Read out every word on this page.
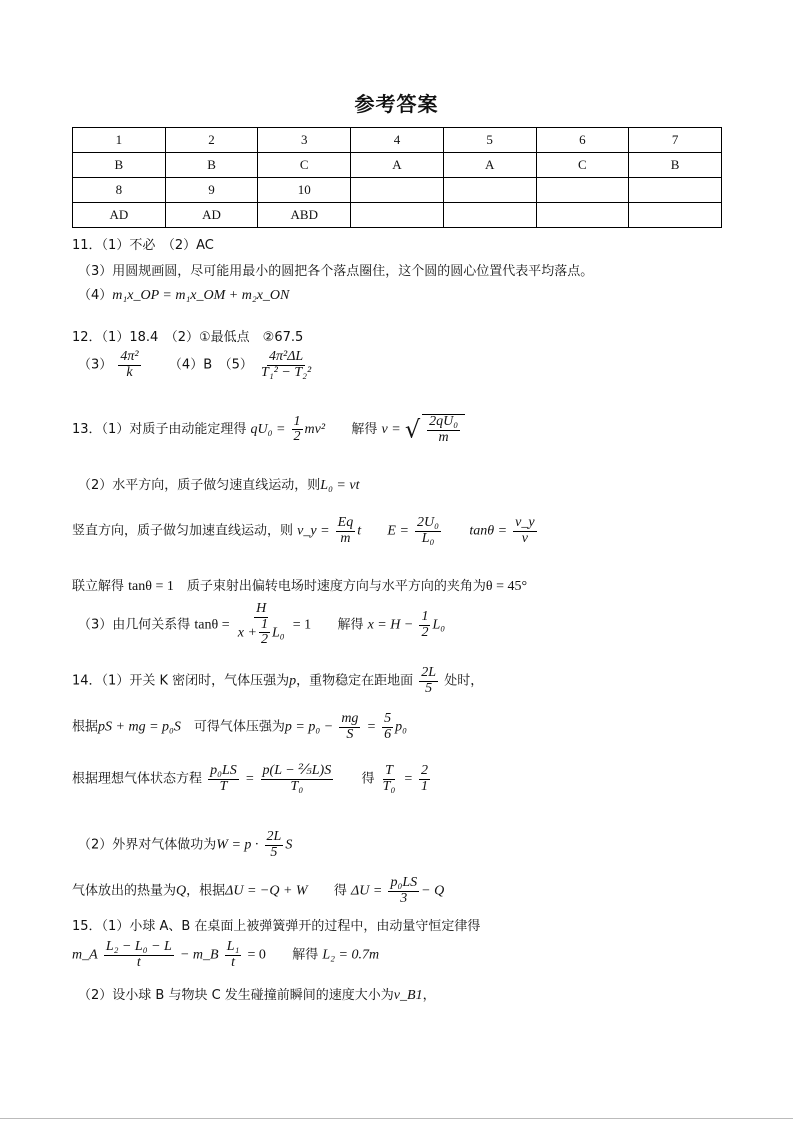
参考答案
1	2	3	4	5	6	7
B	B	C	A	A	C	B
8	9	10				
AD	AD	ABD				
11．（1）不必　（2）AC
（3）用圆规画圆，尽可能用最小的圆把各个落点圈住，这个圆的圆心位置代表平均落点。
（4）m₁x_OP = m₁x_OM + m₂x_ON
12．（1）18.4　（2）①最低点　②67.5
$(3) \frac{\text{4π²}}{k} (4)B$　$(5) \frac{\text{4π²ΔL}}{\text{T₁² − T₂²}}$
13．（1）对质子由动能定理得 $qU_0 = \frac{1}{2} mv^2$ 解得 v = √ $\frac{\text{2qU₀}}{m}$
（2）水平方向，质子做匀速直线运动，则L₀ = vt
竖直方向，质子做匀加速直线运动，则 v_y = $\frac{Eq}{m}$ t $E = \frac{\text{2U₀}}{\text{L₀}}$ $\tan\theta = \frac{v\_y}{v}$
联立解得 tanθ = 1　质子束射出偏转电场时速度方向与水平方向的夹角为θ = 45°
（3）由几何关系得 $\tan\theta = \frac{H}{x + \frac{1}{2} L_0} = 1$ 解得 $x = H - \frac{1}{2} L_0$
14．（1）开关 K 密闭时，气体压强为p，重物稳定在距地面 $\frac{2L}{5}$ 处时，
根据pS + mg = p₀S　可得气体压强为$p = p_0 - \frac{mg}{S} = \frac{5}{6} p_0$
根据理想气体状态方程 $\frac{\text{p₀LS}}{T} = \frac{\text{p(L − ⅖L)S}}{\text{T₀}}$ 得 $\frac{T}{\text{T₀}} = \frac{2}{1}$
（2）外界对气体做功为$W = p \cdot \frac{2L}{5}$ S
气体放出的热量为Q，根据ΔU = −Q + W 得 $\Delta U = \frac{\text{p₀LS}}{3} - Q$
15．（1）小球 A、B 在桌面上被弹簧弹开的过程中，由动量守恒定律得
m_A $\frac{\text{L₂ − L₀ − L}}{t}$ − m_B $\frac{\text{L₁}}{t} = 0$ 解得 L₂ = 0.7m
（2）设小球 B 与物块 C 发生碰撞前瞬间的速度大小为v_B1，
